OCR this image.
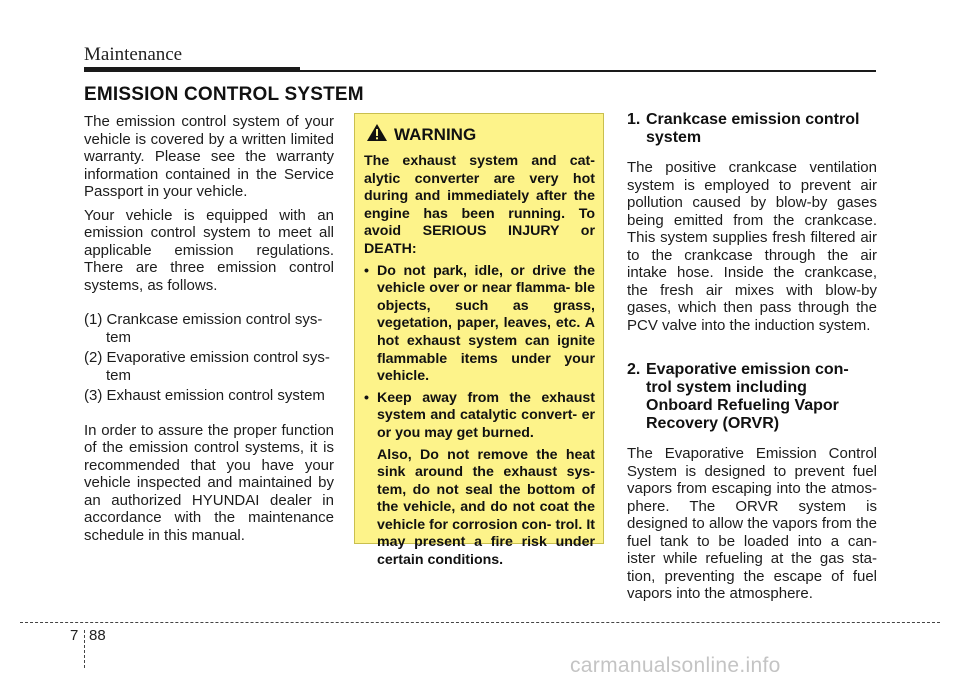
Maintenance
EMISSION CONTROL SYSTEM

The emission control system of your vehicle is covered by a written limited warranty. Please see the warranty information contained in the Service Passport in your vehicle.

Your vehicle is equipped with an emission control system to meet all applicable emission regulations. There are three emission control systems, as follows.

(1) Crankcase emission control sys- tem
(2) Evaporative emission control sys- tem
(3) Exhaust emission control system

In order to assure the proper function of the emission control systems, it is recommended that you have your vehicle inspected and maintained by an authorized HYUNDAI dealer in accordance with the maintenance schedule in this manual.

WARNING

The exhaust system and cat- alytic converter are very hot during and immediately after the engine has been running. To avoid SERIOUS INJURY or DEATH:

• Do not park, idle, or drive the vehicle over or near flamma- ble objects, such as grass, vegetation, paper, leaves, etc. A hot exhaust system can ignite flammable items under your vehicle.
• Keep away from the exhaust system and catalytic convert- er or you may get burned.
Also, Do not remove the heat sink around the exhaust sys- tem, do not seal the bottom of the vehicle, and do not coat the vehicle for corrosion con- trol. It may present a fire risk under certain conditions.
1. Crankcase emission control
system

The positive crankcase ventilation system is employed to prevent air pollution caused by blow-by gases being emitted from the crankcase. This system supplies fresh filtered air to the crankcase through the air intake hose. Inside the crankcase, the fresh air mixes with blow-by gases, which then pass through the PCV valve into the induction system.

2. Evaporative emission con-
trol system including
Onboard Refueling Vapor
Recovery (ORVR)

The Evaporative Emission Control System is designed to prevent fuel vapors from escaping into the atmos- phere. The ORVR system is designed to allow the vapors from the fuel tank to be loaded into a can- ister while refueling at the gas sta- tion, preventing the escape of fuel vapors into the atmosphere.

7 88
carmanualsonline.info
